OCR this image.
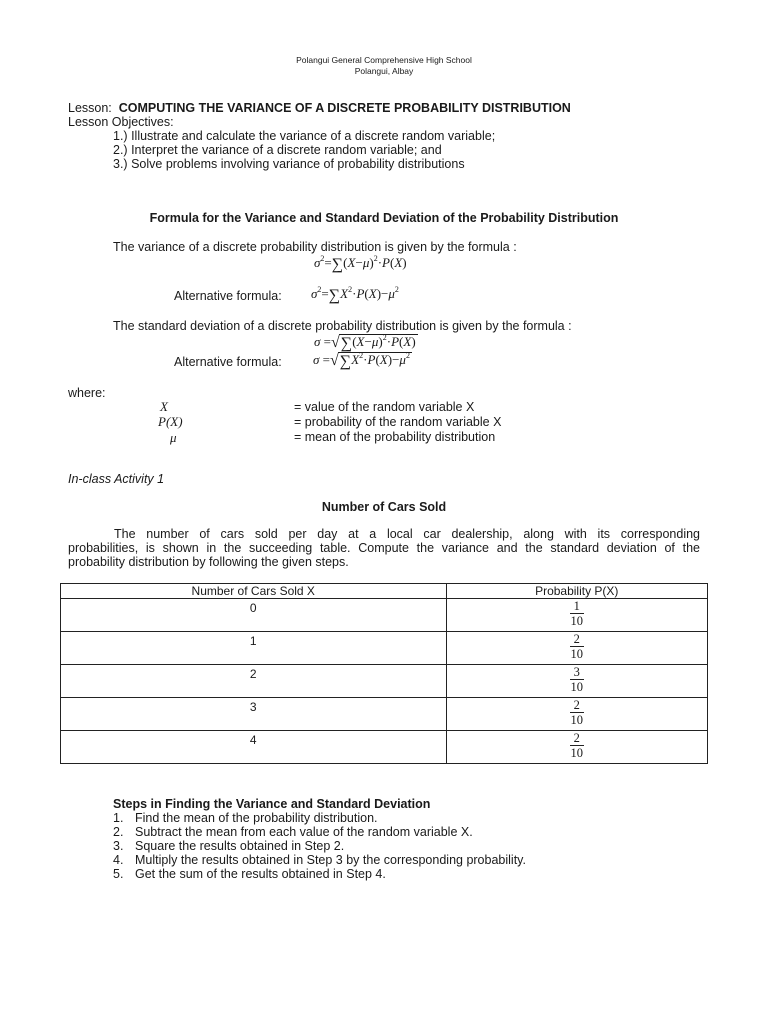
Polangui General Comprehensive High School
Polangui, Albay
Lesson: COMPUTING THE VARIANCE OF A DISCRETE PROBABILITY DISTRIBUTION
Lesson Objectives:
1.) Illustrate and calculate the variance of a discrete random variable;
2.) Interpret the variance of a discrete random variable; and
3.) Solve problems involving variance of probability distributions
Formula for the Variance and Standard Deviation of the Probability Distribution
The variance of a discrete probability distribution is given by the formula :
$\sigma^2=\sum(X-\mu)^2\cdot P(X)$
Alternative formula: $\sigma^2=\sum X^2\cdot P(X)-\mu^2$
The standard deviation of a discrete probability distribution is given by the formula :
$\sigma =√\sum(X-\mu)^2\cdot P(X)$
Alternative formula: $\sigma =√\sum X^2\cdot P(X)-\mu^2$
where:
X	= value of the random variable X
P(X)	= probability of the random variable X
μ	= mean of the probability distribution
In-class Activity 1
Number of Cars Sold
The number of cars sold per day at a local car dealership, along with its corresponding
probabilities, is shown in the succeeding table. Compute the variance and the standard deviation of the
probability distribution by following the given steps.
Number of Cars Sold X	Probability P(X)
0	$\frac{1}{10}$

1	$\frac{2}{10}$

2	$\frac{3}{10}$

3	$\frac{2}{10}$

4	$\frac{2}{10}$
Steps in Finding the Variance and Standard Deviation
1. Find the mean of the probability distribution.
2. Subtract the mean from each value of the random variable X.
3. Square the results obtained in Step 2.
4. Multiply the results obtained in Step 3 by the corresponding probability.
5. Get the sum of the results obtained in Step 4.
